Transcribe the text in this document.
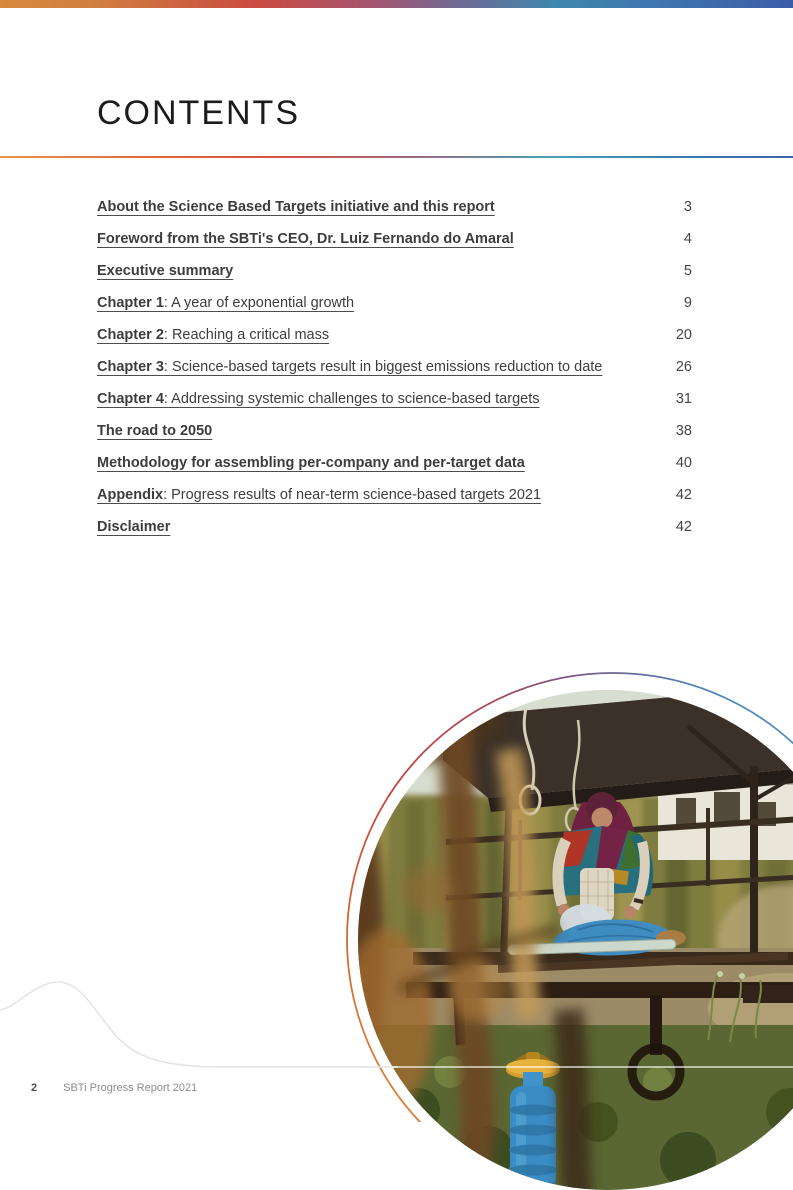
CONTENTS
About the Science Based Targets initiative and this report	3
Foreword from the SBTi's CEO, Dr. Luiz Fernando do Amaral	4
Executive summary	5
Chapter 1: A year of exponential growth	9
Chapter 2: Reaching a critical mass	20
Chapter 3: Science-based targets result in biggest emissions reduction to date	26
Chapter 4: Addressing systemic challenges to science-based targets	31
The road to 2050	38
Methodology for assembling per-company and per-target data	40
Appendix: Progress results of near-term science-based targets 2021	42
Disclaimer	42
2 SBTi Progress Report 2021
